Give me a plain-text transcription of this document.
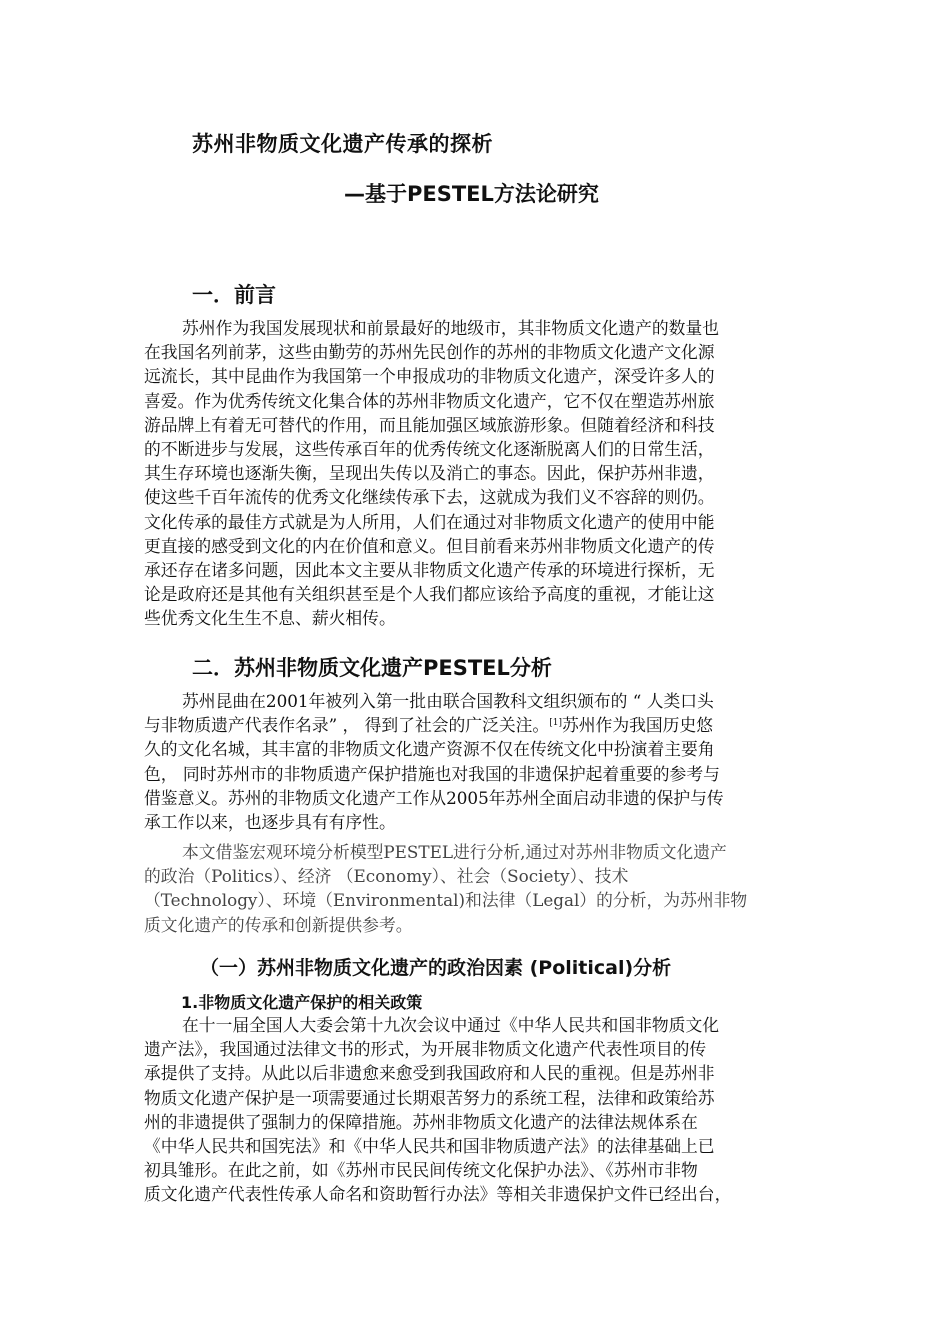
苏州非物质文化遗产传承的探析
—基于PESTEL方法论研究
一．前言
苏州作为我国发展现状和前景最好的地级市，其非物质文化遗产的数量也
在我国名列前茅，这些由勤劳的苏州先民创作的苏州的非物质文化遗产文化源
远流长，其中昆曲作为我国第一个申报成功的非物质文化遗产，深受许多人的
喜爱。作为优秀传统文化集合体的苏州非物质文化遗产，它不仅在塑造苏州旅
游品牌上有着无可替代的作用，而且能加强区域旅游形象。但随着经济和科技
的不断进步与发展，这些传承百年的优秀传统文化逐渐脱离人们的日常生活，
其生存环境也逐渐失衡，呈现出失传以及消亡的事态。因此，保护苏州非遗，
使这些千百年流传的优秀文化继续传承下去，这就成为我们义不容辞的则仍。
文化传承的最佳方式就是为人所用，人们在通过对非物质文化遗产的使用中能
更直接的感受到文化的内在价值和意义。但目前看来苏州非物质文化遗产的传
承还存在诸多问题，因此本文主要从非物质文化遗产传承的环境进行探析，无
论是政府还是其他有关组织甚至是个人我们都应该给予高度的重视，才能让这
些优秀文化生生不息、薪火相传。
二．苏州非物质文化遗产PESTEL分析
苏州昆曲在2001年被列入第一批由联合国教科文组织颁布的 “ 人类口头
与非物质遗产代表作名录” ， 得到了社会的广泛关注。[1]苏州作为我国历史悠
久的文化名城，其丰富的非物质文化遗产资源不仅在传统文化中扮演着主要角
色， 同时苏州市的非物质遗产保护措施也对我国的非遗保护起着重要的参考与
借鉴意义。苏州的非物质文化遗产工作从2005年苏州全面启动非遗的保护与传
承工作以来，也逐步具有有序性。
本文借鉴宏观环境分析模型PESTEL进行分析,通过对苏州非物质文化遗产
的政治（Politics）、经济 （Economy）、社会（Society）、技术
（Technology）、环境（Environmental)和法律（Legal）的分析，为苏州非物
质文化遗产的传承和创新提供参考。
（一）苏州非物质文化遗产的政治因素 (Political)分析
1.非物质文化遗产保护的相关政策
在十一届全国人大委会第十九次会议中通过《中华人民共和国非物质文化
遗产法》，我国通过法律文书的形式，为开展非物质文化遗产代表性项目的传
承提供了支持。从此以后非遗愈来愈受到我国政府和人民的重视。但是苏州非
物质文化遗产保护是一项需要通过长期艰苦努力的系统工程，法律和政策给苏
州的非遗提供了强制力的保障措施。苏州非物质文化遗产的法律法规体系在
《中华人民共和国宪法》和《中华人民共和国非物质遗产法》的法律基础上已
初具雏形。在此之前，如《苏州市民民间传统文化保护办法》、《苏州市非物
质文化遗产代表性传承人命名和资助暂行办法》等相关非遗保护文件已经出台，
